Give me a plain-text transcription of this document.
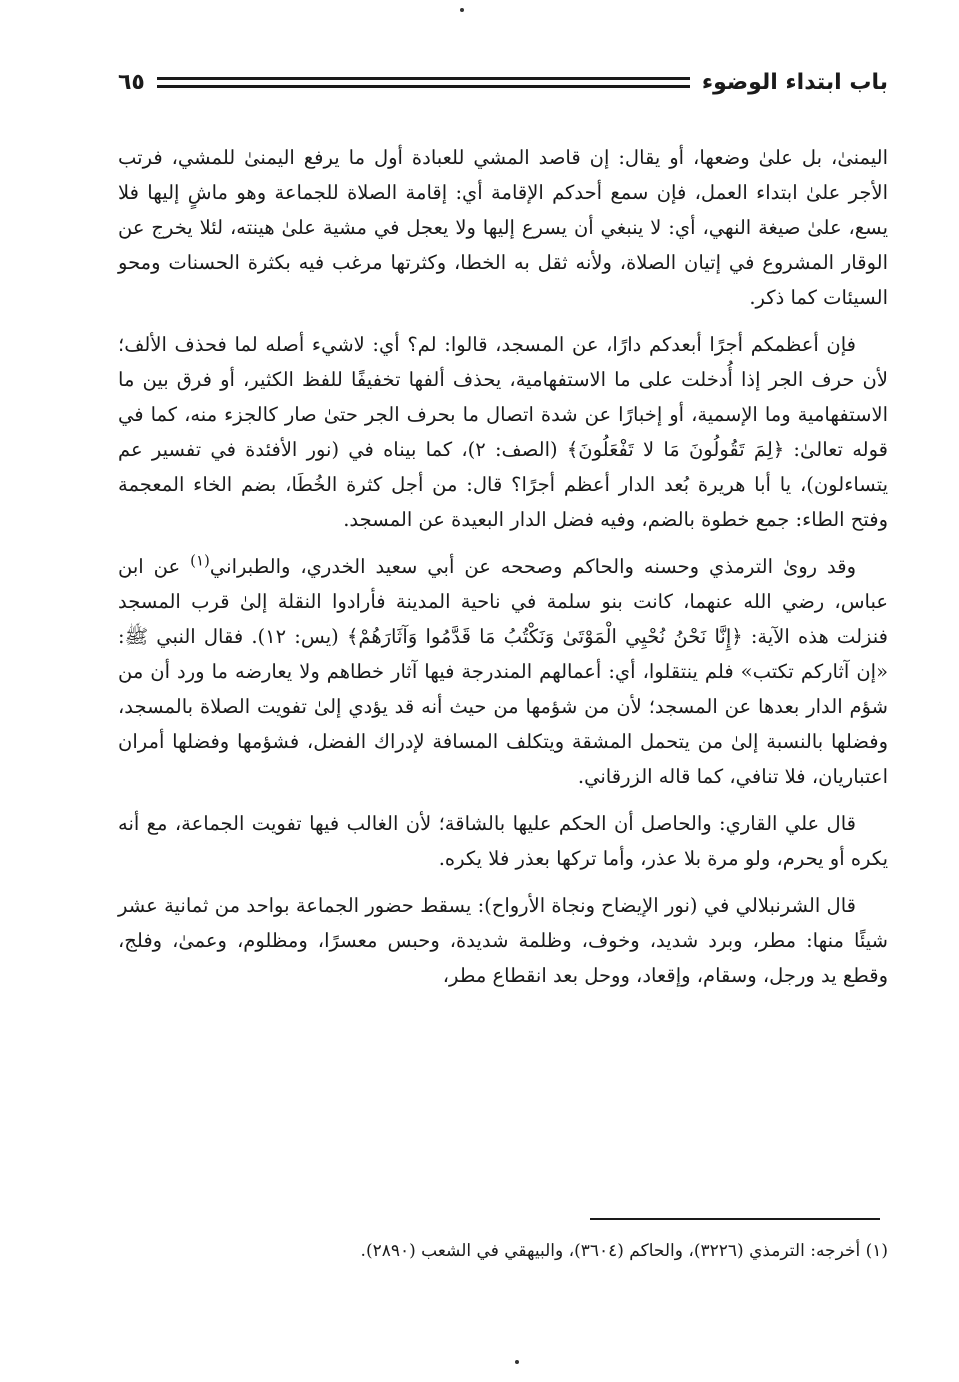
باب ابتداء الوضوء
٦٥

اليمنىٰ، بل علىٰ وضعها، أو يقال: إن قاصد المشي للعبادة أول ما يرفع اليمنىٰ للمشي، فرتب الأجر علىٰ ابتداء العمل، فإن سمع أحدكم الإقامة أي: إقامة الصلاة للجماعة وهو ماشٍ إليها فلا يسع، علىٰ صيغة النهي، أي: لا ينبغي أن يسرع إليها ولا يعجل في مشية علىٰ هينته، لئلا يخرج عن الوقار المشروع في إتيان الصلاة، ولأنه ثقل به الخطا، وكثرتها مرغب فيه بكثرة الحسنات ومحو السيئات كما ذكر.

فإن أعظمكم أجرًا أبعدكم دارًا، عن المسجد، قالوا: لم؟ أي: لاشيء أصله لما فحذف الألف؛ لأن حرف الجر إذا أُدخلت على ما الاستفهامية، يحذف ألفها تخفيفًا للفظ الكثير، أو فرق بين ما الاستفهامية وما الإسمية، أو إخبارًا عن شدة اتصال ما بحرف الجر حتىٰ صار كالجزء منه، كما في قوله تعالىٰ: ﴿لِمَ تَقُولُونَ مَا لا تَفْعَلُونَ﴾ (الصف: ٢)، كما بيناه في (نور الأفئدة في تفسير عم يتساءلون)، يا أبا هريرة بُعد الدار أعظم أجرًا؟ قال: من أجل كثرة الخُطَا، بضم الخاء المعجمة وفتح الطاء: جمع خطوة بالضم، وفيه فضل الدار البعيدة عن المسجد.

وقد روىٰ الترمذي وحسنه والحاكم وصححه عن أبي سعيد الخدري، والطبراني$^{(١)}$ عن ابن عباس، رضي الله عنهما، كانت بنو سلمة في ناحية المدينة فأرادوا النقلة إلىٰ قرب المسجد فنزلت هذه الآية: ﴿إِنَّا نَحْنُ نُحْيِي الْمَوْتَىٰ وَنَكْتُبُ مَا قَدَّمُوا وَآثَارَهُمْ﴾ (يس: ١٢). فقال النبي ﷺ: «إن آثاركم تكتب» فلم ينتقلوا، أي: أعمالهم المندرجة فيها آثار خطاهم ولا يعارضه ما ورد أن من شؤم الدار بعدها عن المسجد؛ لأن من شؤمها من حيث أنه قد يؤدي إلىٰ تفويت الصلاة بالمسجد، وفضلها بالنسبة إلىٰ من يتحمل المشقة ويتكلف المسافة لإدراك الفضل، فشؤمها وفضلها أمران اعتباريان، فلا تنافي، كما قاله الزرقاني.

قال علي القاري: والحاصل أن الحكم عليها بالشاقة؛ لأن الغالب فيها تفويت الجماعة، مع أنه يكره أو يحرم، ولو مرة بلا عذر، وأما تركها بعذر فلا يكره.

قال الشرنبلالي في (نور الإيضاح ونجاة الأرواح): يسقط حضور الجماعة بواحد من ثمانية عشر شيئًا منها: مطر، وبرد شديد، وخوف، وظلمة شديدة، وحبس معسرًا، ومظلوم، وعمىٰ، وفلج، وقطع يد ورجل، وسقام، وإقعاد، ووحل بعد انقطاع مطر،

(١) أخرجه: الترمذي (٣٢٢٦)، والحاكم (٣٦٠٤)، والبيهقي في الشعب (٢٨٩٠).
